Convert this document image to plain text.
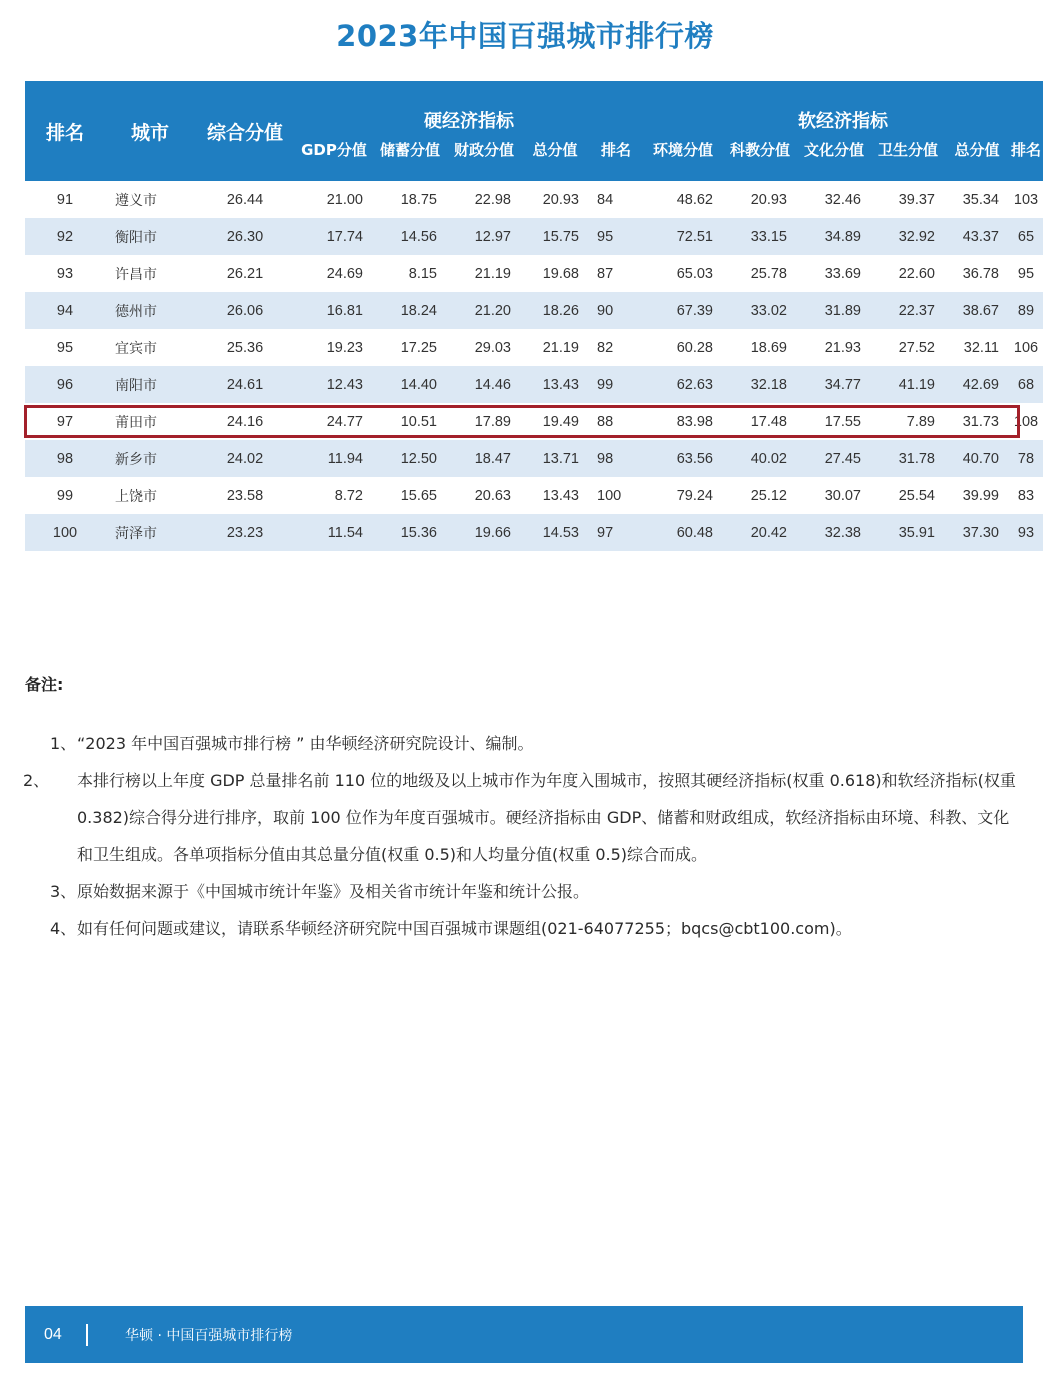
2023年中国百强城市排行榜
排名	城市	综合分值	硬经济指标					软经济指标					
			GDP分值	储蓄分值	财政分值	总分值	排名	环境分值	科教分值	文化分值	卫生分值	总分值	排名
91	遵义市	26.44	21.00	18.75	22.98	20.93	84	48.62	20.93	32.46	39.37	35.34	103
92	衡阳市	26.30	17.74	14.56	12.97	15.75	95	72.51	33.15	34.89	32.92	43.37	65
93	许昌市	26.21	24.69	8.15	21.19	19.68	87	65.03	25.78	33.69	22.60	36.78	95
94	德州市	26.06	16.81	18.24	21.20	18.26	90	67.39	33.02	31.89	22.37	38.67	89
95	宜宾市	25.36	19.23	17.25	29.03	21.19	82	60.28	18.69	21.93	27.52	32.11	106
96	南阳市	24.61	12.43	14.40	14.46	13.43	99	62.63	32.18	34.77	41.19	42.69	68
97	莆田市	24.16	24.77	10.51	17.89	19.49	88	83.98	17.48	17.55	7.89	31.73	108
98	新乡市	24.02	11.94	12.50	18.47	13.71	98	63.56	40.02	27.45	31.78	40.70	78
99	上饶市	23.58	8.72	15.65	20.63	13.43	100	79.24	25.12	30.07	25.54	39.99	83
100	菏泽市	23.23	11.54	15.36	19.66	14.53	97	60.48	20.42	32.38	35.91	37.30	93
备注:
1、“2023 年中国百强城市排行榜 ” 由华顿经济研究院设计、编制。
2、 本排行榜以上年度 GDP 总量排名前 110 位的地级及以上城市作为年度入围城市，按照其硬经济指标(权重 0.618)和软经济指标(权重 0.382)综合得分进行排序，取前 100 位作为年度百强城市。硬经济指标由 GDP、储蓄和财政组成，软经济指标由环境、科教、文化和卫生组成。各单项指标分值由其总量分值(权重 0.5)和人均量分值(权重 0.5)综合而成。
3、原始数据来源于《中国城市统计年鉴》及相关省市统计年鉴和统计公报。
4、如有任何问题或建议，请联系华顿经济研究院中国百强城市课题组(021-64077255；bqcs@cbt100.com)。
04	华顿 · 中国百强城市排行榜
